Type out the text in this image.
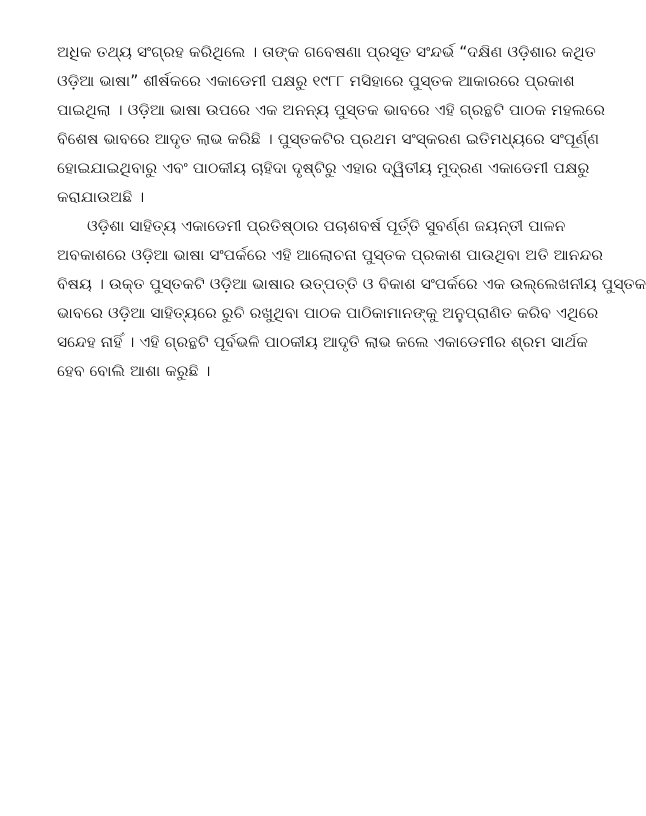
ଅଧିକ ତଥ୍ୟ ସଂଗ୍ରହ କରିଥିଲେ । ତାଙ୍କ ଗବେଷଣା ପ୍ରସୂତ ସଂନ୍ଦର୍ଭ “ଦକ୍ଷିଣ ଓଡ଼ିଶାର କଥିତ
ଓଡ଼ିଆ ଭାଷା” ଶୀର୍ଷକରେ ଏକାଡେମୀ ପକ୍ଷରୁ ୧୯୮୮ ମସିହାରେ ପୁସ୍ତକ ଆକାରରେ ପ୍ରକାଶ
ପାଇଥିଲା । ଓଡ଼ିଆ ଭାଷା ଉପରେ ଏକ ଅନନ୍ୟ ପୁସ୍ତକ ଭାବରେ ଏହି ଗ୍ରନ୍ଥଟି ପାଠକ ମହଲରେ
ବିଶେଷ ଭାବରେ ଆଦୃତ ଲାଭ କରିଛି । ପୁସ୍ତକଟିର ପ୍ରଥମ ସଂସ୍କରଣ ଇତିମଧ୍ୟରେ ସଂପୂର୍ଣ୍ଣ
ହୋଇଯାଇଥିବାରୁ ଏବଂ ପାଠକୀୟ ଚାହିଦା ଦୃଷ୍ଟିରୁ ଏହାର ଦ୍ୱିତୀୟ ମୁଦ୍ରଣ ଏକାଡେମୀ ପକ୍ଷରୁ
କରାଯାଉଅଛି ।
ଓଡ଼ିଶା ସାହିତ୍ୟ ଏକାଡେମୀ ପ୍ରତିଷ୍ଠାର ପଚାଶବର୍ଷ ପୂର୍ତ୍ତି ସୁବର୍ଣ୍ଣ ଜୟନ୍ତୀ ପାଳନ
ଅବକାଶରେ ଓଡ଼ିଆ ଭାଷା ସଂପର୍କରେ ଏହି ଆଲୋଚନା ପୁସ୍ତକ ପ୍ରକାଶ ପାଉଥିବା ଅତି ଆନନ୍ଦର
ବିଷୟ । ଉକ୍ତ ପୁସ୍ତକଟି ଓଡ଼ିଆ ଭାଷାର ଉତ୍ପତ୍ତି ଓ ବିକାଶ ସଂପର୍କରେ ଏକ ଉଲ୍ଲେଖନୀୟ ପୁସ୍ତକ
ଭାବରେ ଓଡ଼ିଆ ସାହିତ୍ୟରେ ରୁଚି ରଖୁଥିବା ପାଠକ ପାଠିକାମାନଙ୍କୁ ଅନୁପ୍ରାଣିତ କରିବ ଏଥିରେ
ସନ୍ଦେହ ନାହିଁ । ଏହି ଗ୍ରନ୍ଥଟି ପୂର୍ବଭଳି ପାଠକୀୟ ଆଦୃତି ଲାଭ କଲେ ଏକାଡେମୀର ଶ୍ରମ ସାର୍ଥକ
ହେବ ବୋଲି ଆଶା କରୁଛି ।
